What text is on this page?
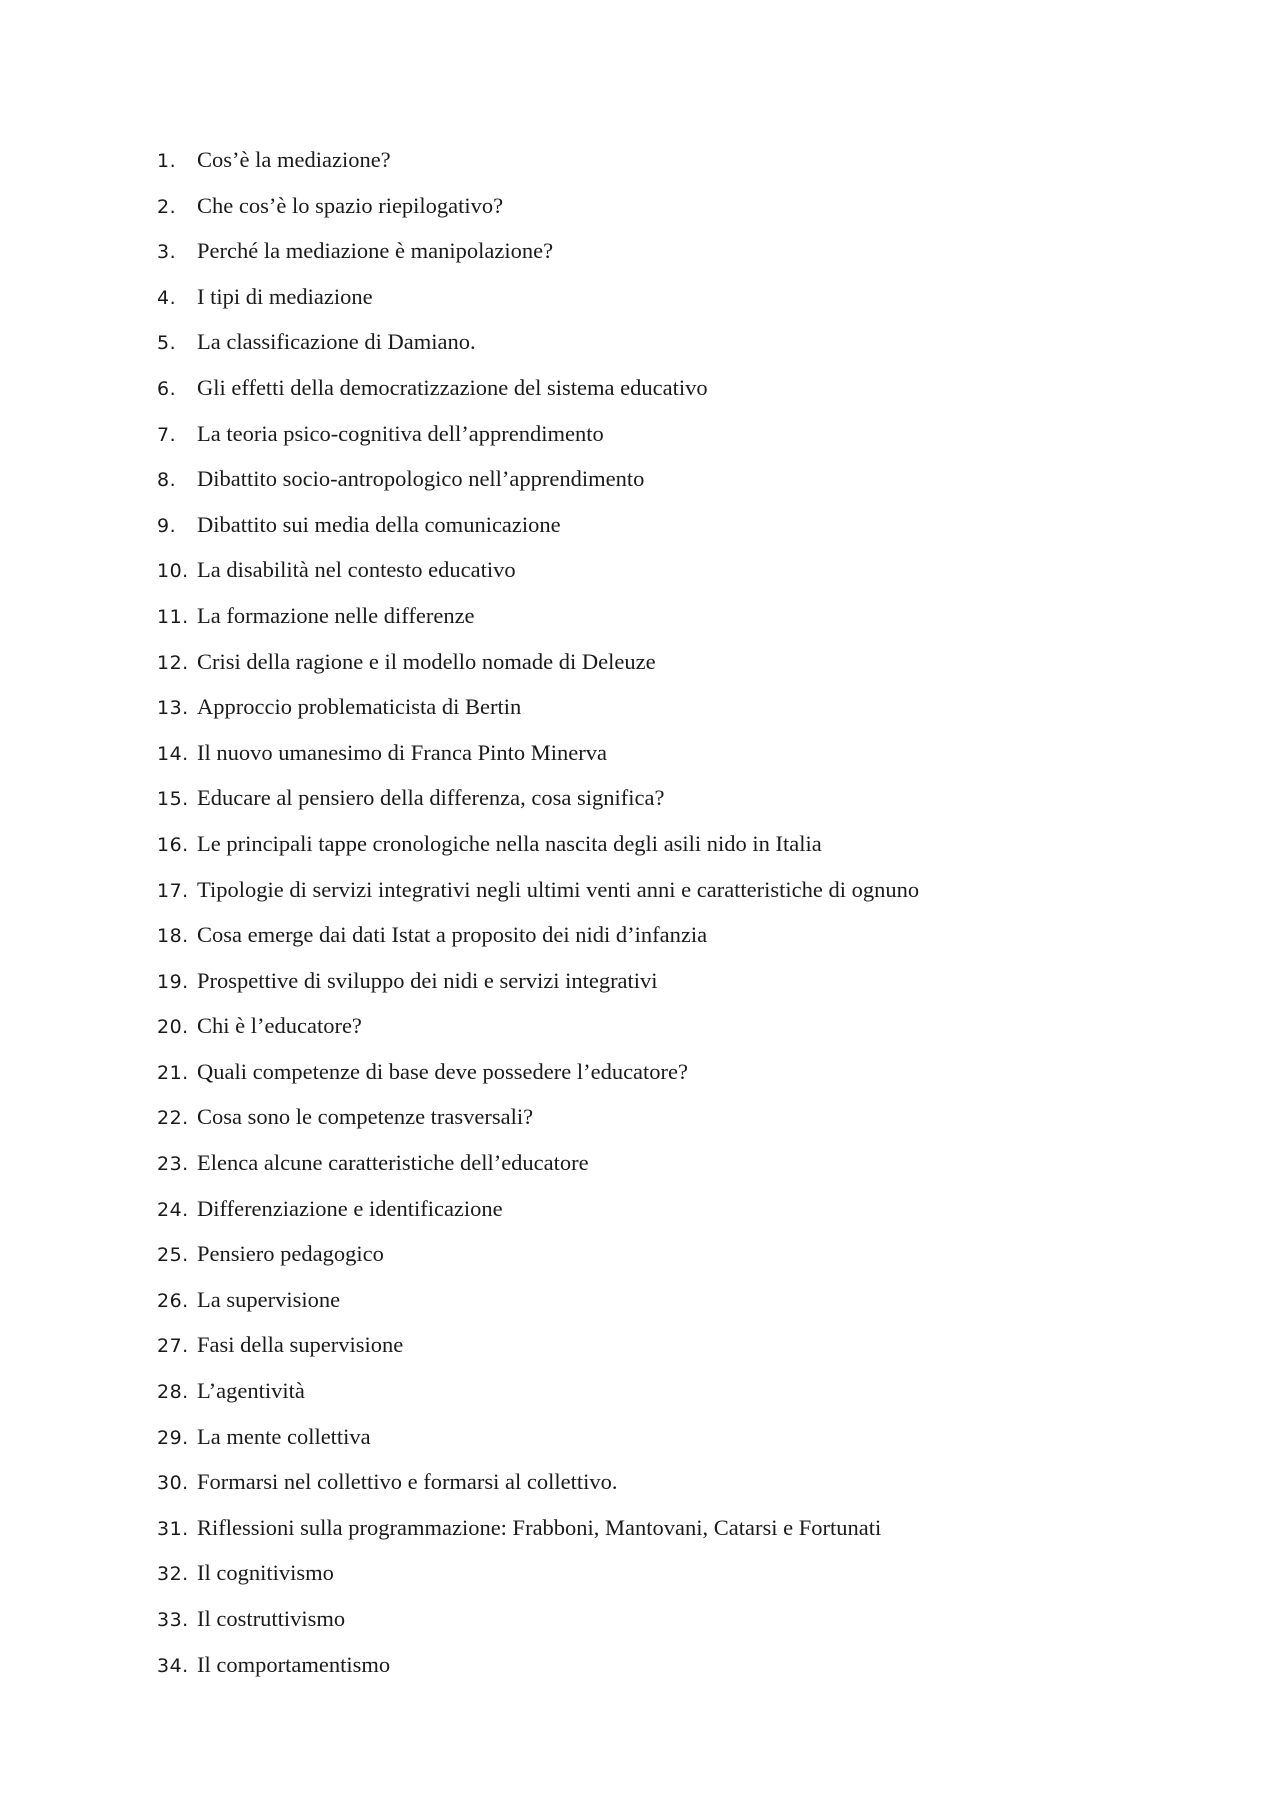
1. Cos’è la mediazione?
2. Che cos’è lo spazio riepilogativo?
3. Perché la mediazione è manipolazione?
4. I tipi di mediazione
5. La classificazione di Damiano.
6. Gli effetti della democratizzazione del sistema educativo
7. La teoria psico-cognitiva dell’apprendimento
8. Dibattito socio-antropologico nell’apprendimento
9. Dibattito sui media della comunicazione
10. La disabilità nel contesto educativo
11. La formazione nelle differenze
12. Crisi della ragione e il modello nomade di Deleuze
13. Approccio problematicista di Bertin
14. Il nuovo umanesimo di Franca Pinto Minerva
15. Educare al pensiero della differenza, cosa significa?
16. Le principali tappe cronologiche nella nascita degli asili nido in Italia
17. Tipologie di servizi integrativi negli ultimi venti anni e caratteristiche di ognuno
18. Cosa emerge dai dati Istat a proposito dei nidi d’infanzia
19. Prospettive di sviluppo dei nidi e servizi integrativi
20. Chi è l’educatore?
21. Quali competenze di base deve possedere l’educatore?
22. Cosa sono le competenze trasversali?
23. Elenca alcune caratteristiche dell’educatore
24. Differenziazione e identificazione
25. Pensiero pedagogico
26. La supervisione
27. Fasi della supervisione
28. L’agentività
29. La mente collettiva
30. Formarsi nel collettivo e formarsi al collettivo.
31. Riflessioni sulla programmazione: Frabboni, Mantovani, Catarsi e Fortunati
32. Il cognitivismo
33. Il costruttivismo
34. Il comportamentismo
